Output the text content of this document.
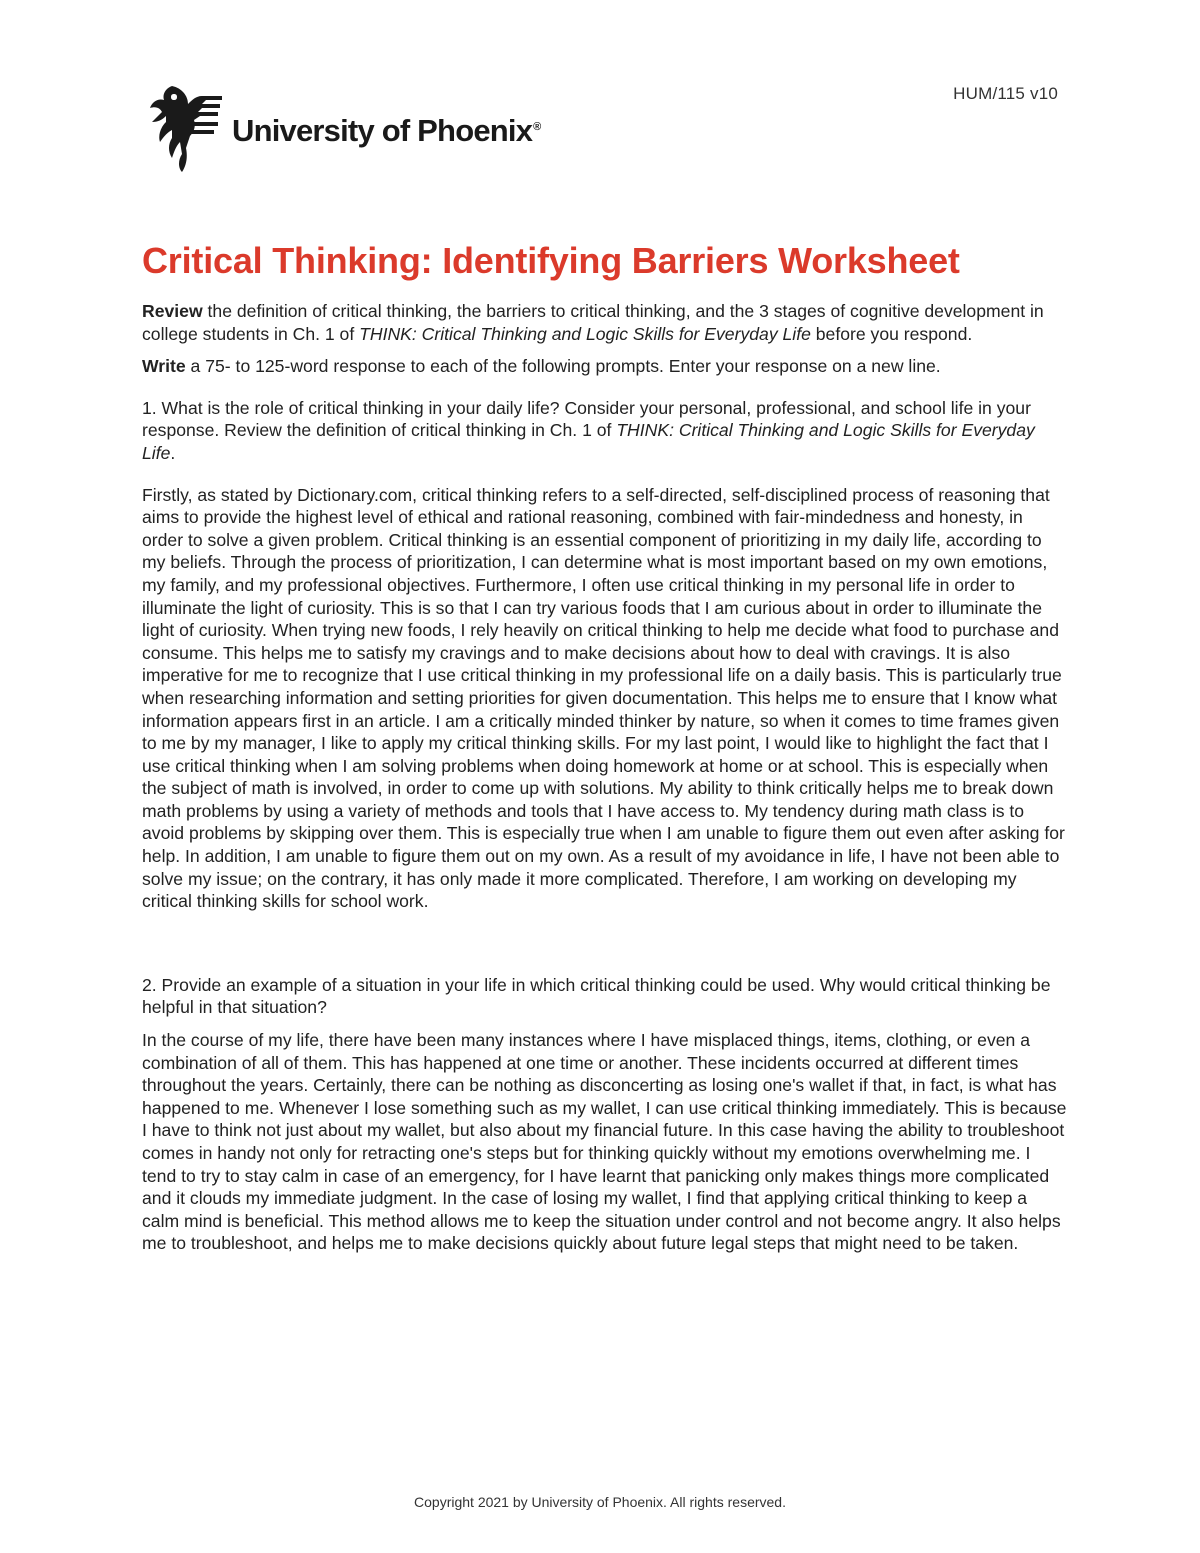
HUM/115 v10
University of Phoenix®
Critical Thinking: Identifying Barriers Worksheet

Review the definition of critical thinking, the barriers to critical thinking, and the 3 stages of cognitive development in college students in Ch. 1 of THINK: Critical Thinking and Logic Skills for Everyday Life before you respond.

Write a 75- to 125-word response to each of the following prompts. Enter your response on a new line.

1. What is the role of critical thinking in your daily life? Consider your personal, professional, and school life in your response. Review the definition of critical thinking in Ch. 1 of THINK: Critical Thinking and Logic Skills for Everyday Life.

Firstly, as stated by Dictionary.com, critical thinking refers to a self-directed, self-disciplined process of reasoning that aims to provide the highest level of ethical and rational reasoning, combined with fair-mindedness and honesty, in order to solve a given problem. Critical thinking is an essential component of prioritizing in my daily life, according to my beliefs. Through the process of prioritization, I can determine what is most important based on my own emotions, my family, and my professional objectives. Furthermore, I often use critical thinking in my personal life in order to illuminate the light of curiosity. This is so that I can try various foods that I am curious about in order to illuminate the light of curiosity. When trying new foods, I rely heavily on critical thinking to help me decide what food to purchase and consume. This helps me to satisfy my cravings and to make decisions about how to deal with cravings. It is also imperative for me to recognize that I use critical thinking in my professional life on a daily basis. This is particularly true when researching information and setting priorities for given documentation. This helps me to ensure that I know what information appears first in an article. I am a critically minded thinker by nature, so when it comes to time frames given to me by my manager, I like to apply my critical thinking skills. For my last point, I would like to highlight the fact that I use critical thinking when I am solving problems when doing homework at home or at school. This is especially when the subject of math is involved, in order to come up with solutions. My ability to think critically helps me to break down math problems by using a variety of methods and tools that I have access to. My tendency during math class is to avoid problems by skipping over them. This is especially true when I am unable to figure them out even after asking for help. In addition, I am unable to figure them out on my own. As a result of my avoidance in life, I have not been able to solve my issue; on the contrary, it has only made it more complicated. Therefore, I am working on developing my critical thinking skills for school work.

2. Provide an example of a situation in your life in which critical thinking could be used. Why would critical thinking be helpful in that situation?

In the course of my life, there have been many instances where I have misplaced things, items, clothing, or even a combination of all of them. This has happened at one time or another. These incidents occurred at different times throughout the years. Certainly, there can be nothing as disconcerting as losing one's wallet if that, in fact, is what has happened to me. Whenever I lose something such as my wallet, I can use critical thinking immediately. This is because I have to think not just about my wallet, but also about my financial future. In this case having the ability to troubleshoot comes in handy not only for retracting one's steps but for thinking quickly without my emotions overwhelming me. I tend to try to stay calm in case of an emergency, for I have learnt that panicking only makes things more complicated and it clouds my immediate judgment. In the case of losing my wallet, I find that applying critical thinking to keep a calm mind is beneficial. This method allows me to keep the situation under control and not become angry. It also helps me to troubleshoot, and helps me to make decisions quickly about future legal steps that might need to be taken.

Copyright 2021 by University of Phoenix. All rights reserved.
